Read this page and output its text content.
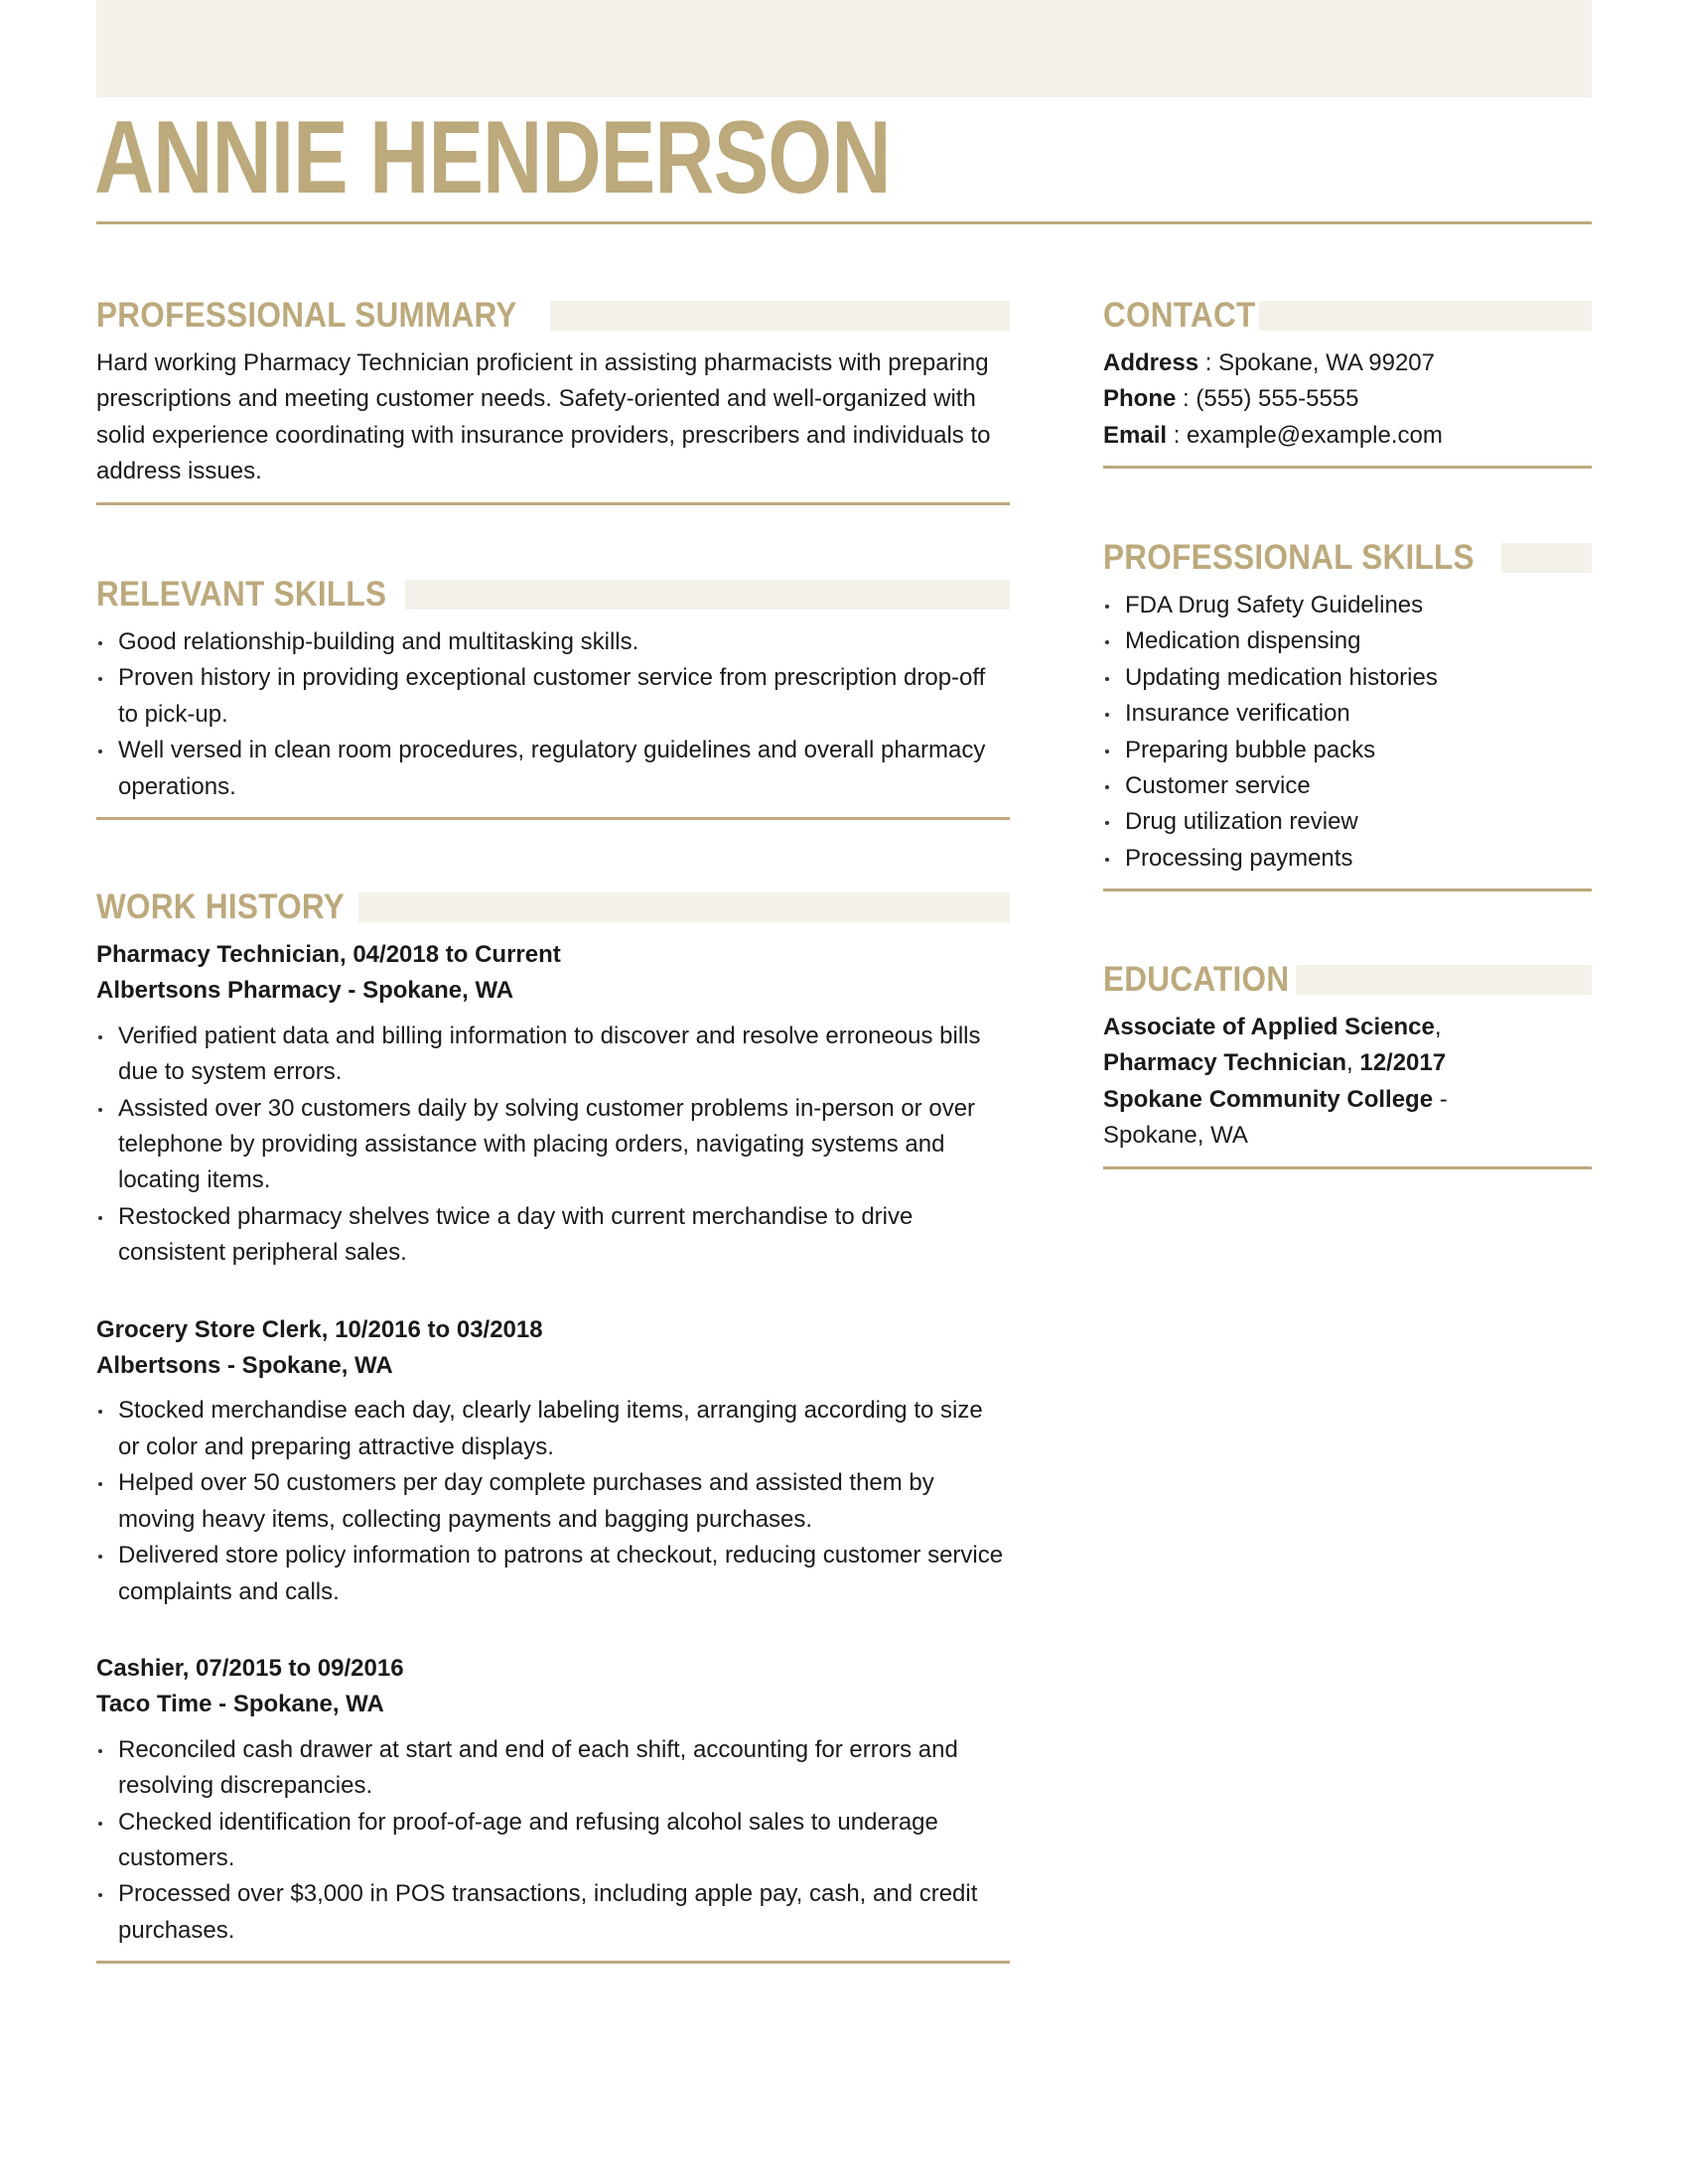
ANNIE HENDERSON
PROFESSIONAL SUMMARY

Hard working Pharmacy Technician proficient in assisting pharmacists with preparing prescriptions and meeting customer needs. Safety-oriented and well-organized with solid experience coordinating with insurance providers, prescribers and individuals to address issues.

RELEVANT SKILLS
Good relationship-building and multitasking skills.
Proven history in providing exceptional customer service from prescription drop-off to pick-up.
Well versed in clean room procedures, regulatory guidelines and overall pharmacy operations.
WORK HISTORY

Pharmacy Technician, 04/2018 to Current

Albertsons Pharmacy - Spokane, WA

Verified patient data and billing information to discover and resolve erroneous bills due to system errors.
Assisted over 30 customers daily by solving customer problems in-person or over telephone by providing assistance with placing orders, navigating systems and locating items.
Restocked pharmacy shelves twice a day with current merchandise to drive consistent peripheral sales.

Grocery Store Clerk, 10/2016 to 03/2018

Albertsons - Spokane, WA

Stocked merchandise each day, clearly labeling items, arranging according to size or color and preparing attractive displays.
Helped over 50 customers per day complete purchases and assisted them by moving heavy items, collecting payments and bagging purchases.
Delivered store policy information to patrons at checkout, reducing customer service complaints and calls.

Cashier, 07/2015 to 09/2016

Taco Time - Spokane, WA

Reconciled cash drawer at start and end of each shift, accounting for errors and resolving discrepancies.
Checked identification for proof-of-age and refusing alcohol sales to underage customers.
Processed over $3,000 in POS transactions, including apple pay, cash, and credit purchases.
CONTACT

Address : Spokane, WA 99207

Phone : (555) 555-5555

Email : example@example.com

PROFESSIONAL SKILLS
FDA Drug Safety Guidelines
Medication dispensing
Updating medication histories
Insurance verification
Preparing bubble packs
Customer service
Drug utilization review
Processing payments
EDUCATION

Associate of Applied Science,

Pharmacy Technician, 12/2017

Spokane Community College -

Spokane, WA
